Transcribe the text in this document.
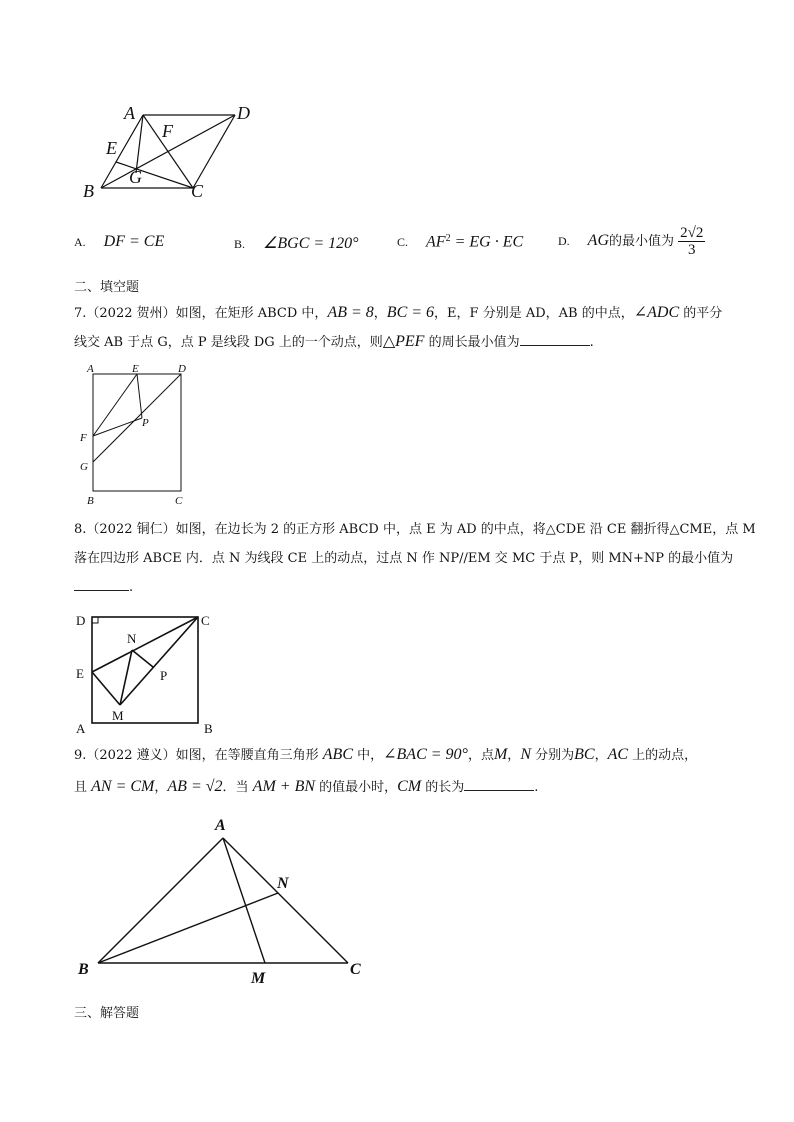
A	D
F
E
G
B	C
A. DF = CE	B. ∠BGC = 120°	C. $AF^2$ = EG · EC	D. AG的最小值为 $\frac{2√2}{3}$
二、填空题
7.（2022 贺州）如图，在矩形 ABCD 中，AB = 8，BC = 6，E，F 分别是 AD，AB 的中点，∠ADC 的平分
线交 AB 于点 G，点 P 是线段 DG 上的一个动点，则△PEF 的周长最小值为	.
A	E	D
F
P
G
B	C
8.（2022 铜仁）如图，在边长为 2 的正方形 ABCD 中，点 E 为 AD 的中点，将△CDE 沿 CE 翻折得△CME，点 M
落在四边形 ABCE 内．点 N 为线段 CE 上的动点，过点 N 作 NP//EM 交 MC 于点 P，则 MN+NP 的最小值为
.
D	C
N
E	P
M
A	B
9.（2022 遵义）如图，在等腰直角三角形 ABC 中，∠BAC = 90°，点M，N 分别为BC，AC 上的动点，
且 AN = CM，AB = √2．当 AM + BN 的值最小时，CM 的长为	.
A
N
B
M
C
三、解答题
